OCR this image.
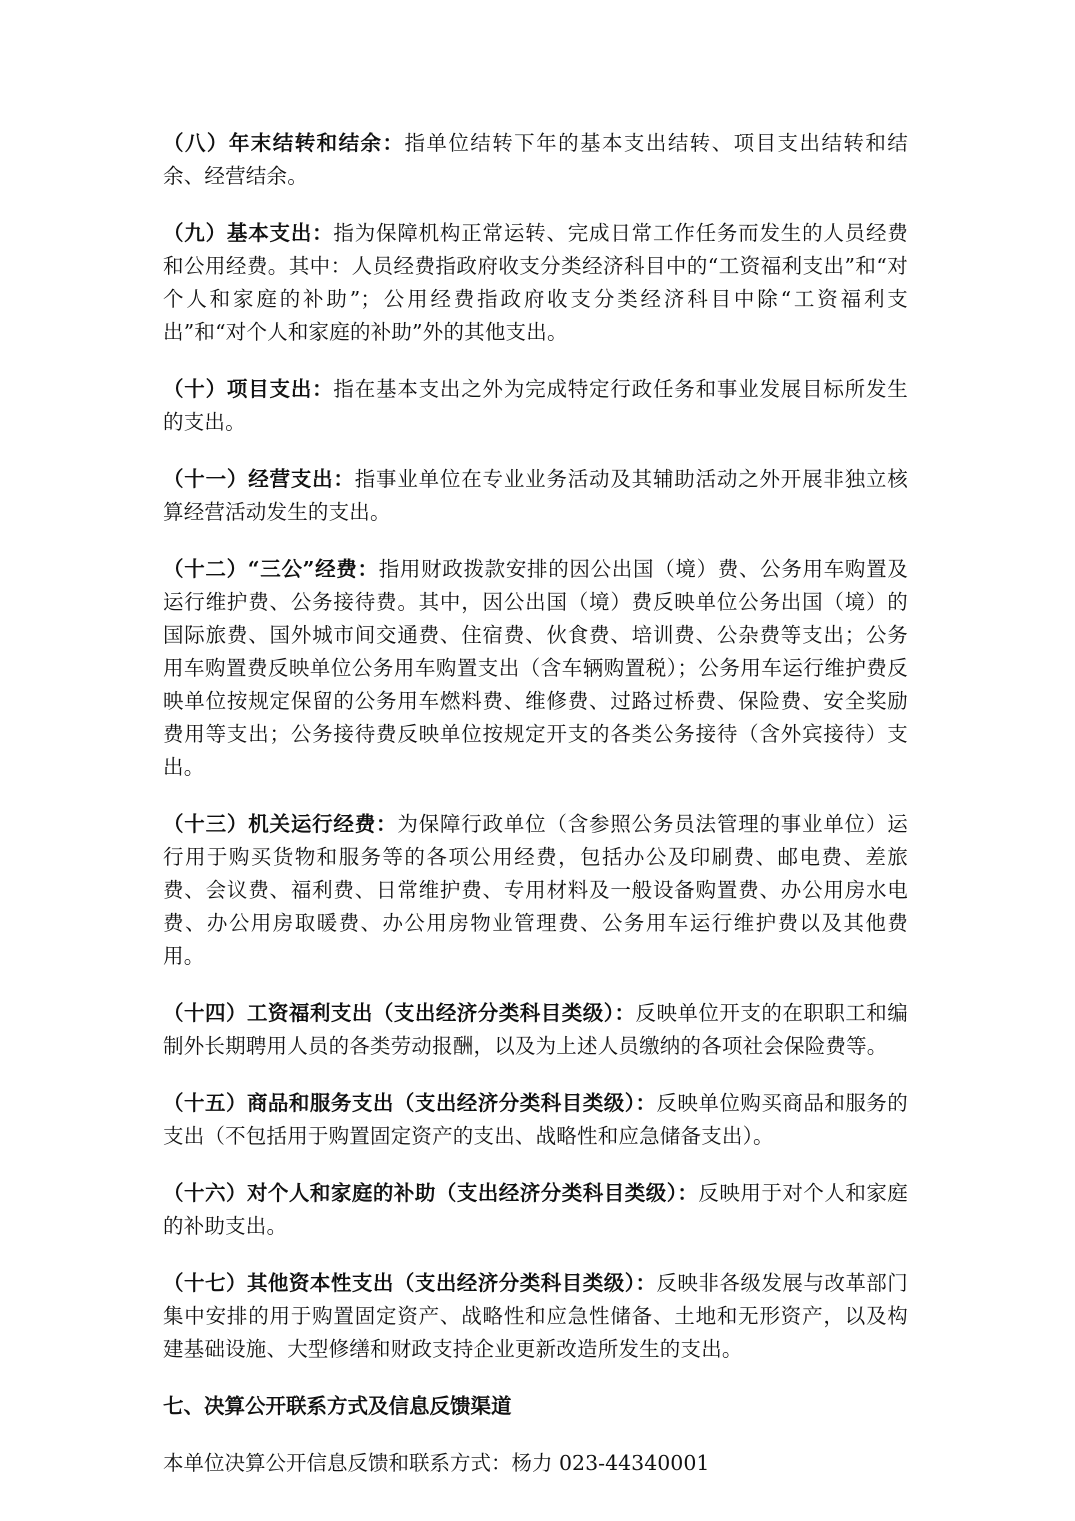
（八）年末结转和结余：指单位结转下年的基本支出结转、项目支出结转和结余、经营结余。

（九）基本支出：指为保障机构正常运转、完成日常工作任务而发生的人员经费和公用经费。其中：人员经费指政府收支分类经济科目中的“工资福利支出”和“对个人和家庭的补助”；公用经费指政府收支分类经济科目中除“工资福利支出”和“对个人和家庭的补助”外的其他支出。

（十）项目支出：指在基本支出之外为完成特定行政任务和事业发展目标所发生的支出。

（十一）经营支出：指事业单位在专业业务活动及其辅助活动之外开展非独立核算经营活动发生的支出。

（十二）“三公”经费：指用财政拨款安排的因公出国（境）费、公务用车购置及运行维护费、公务接待费。其中，因公出国（境）费反映单位公务出国（境）的国际旅费、国外城市间交通费、住宿费、伙食费、培训费、公杂费等支出；公务用车购置费反映单位公务用车购置支出（含车辆购置税）；公务用车运行维护费反映单位按规定保留的公务用车燃料费、维修费、过路过桥费、保险费、安全奖励费用等支出；公务接待费反映单位按规定开支的各类公务接待（含外宾接待）支出。

（十三）机关运行经费：为保障行政单位（含参照公务员法管理的事业单位）运行用于购买货物和服务等的各项公用经费，包括办公及印刷费、邮电费、差旅费、会议费、福利费、日常维护费、专用材料及一般设备购置费、办公用房水电费、办公用房取暖费、办公用房物业管理费、公务用车运行维护费以及其他费用。

（十四）工资福利支出（支出经济分类科目类级）：反映单位开支的在职职工和编制外长期聘用人员的各类劳动报酬，以及为上述人员缴纳的各项社会保险费等。

（十五）商品和服务支出（支出经济分类科目类级）：反映单位购买商品和服务的支出（不包括用于购置固定资产的支出、战略性和应急储备支出）。

（十六）对个人和家庭的补助（支出经济分类科目类级）：反映用于对个人和家庭的补助支出。

（十七）其他资本性支出（支出经济分类科目类级）：反映非各级发展与改革部门集中安排的用于购置固定资产、战略性和应急性储备、土地和无形资产，以及构建基础设施、大型修缮和财政支持企业更新改造所发生的支出。

七、决算公开联系方式及信息反馈渠道

本单位决算公开信息反馈和联系方式：杨力 023-44340001
